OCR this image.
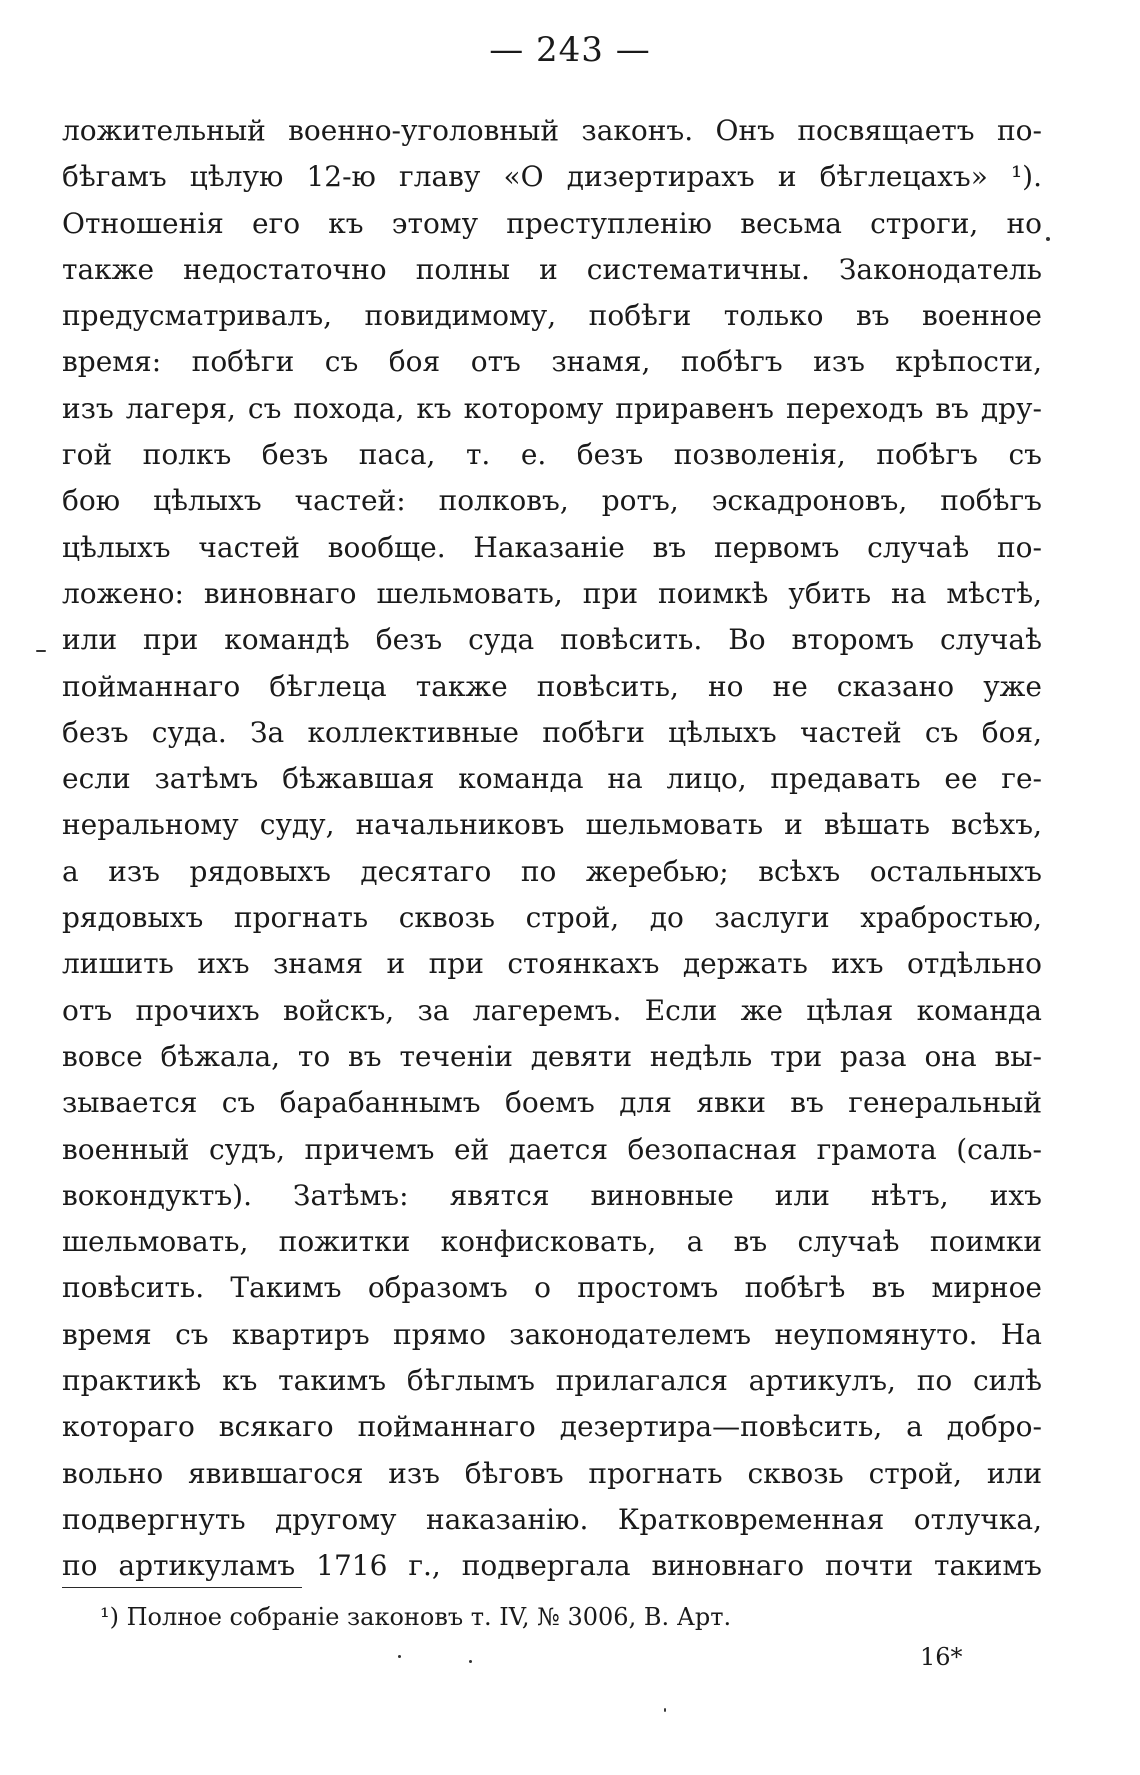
— 243 —
ложительный военно-уголовный законъ. Онъ посвящаетъ по-
бѣгамъ цѣлую 12-ю главу «О дизертирахъ и бѣглецахъ» ¹).
Отношенія его къ этому преступленію весьма строги, но
также недостаточно полны и систематичны. Законодатель
предусматривалъ, повидимому, побѣги только въ военное
время: побѣги съ боя отъ знамя, побѣгъ изъ крѣпости,
изъ лагеря, съ похода, къ которому приравенъ переходъ въ дру-
гой полкъ безъ паса, т. е. безъ позволенія, побѣгъ съ
бою цѣлыхъ частей: полковъ, ротъ, эскадроновъ, побѣгъ
цѣлыхъ частей вообще. Наказаніе въ первомъ случаѣ по-
ложено: виновнаго шельмовать, при поимкѣ убить на мѣстѣ,
или при командѣ безъ суда повѣсить. Во второмъ случаѣ
пойманнаго бѣглеца также повѣсить, но не сказано уже
безъ суда. За коллективные побѣги цѣлыхъ частей съ боя,
если затѣмъ бѣжавшая команда на лицо, предавать ее ге-
неральному суду, начальниковъ шельмовать и вѣшать всѣхъ,
а изъ рядовыхъ десятаго по жеребью; всѣхъ остальныхъ
рядовыхъ прогнать сквозь строй, до заслуги храбростью,
лишить ихъ знамя и при стоянкахъ держать ихъ отдѣльно
отъ прочихъ войскъ, за лагеремъ. Если же цѣлая команда
вовсе бѣжала, то въ теченіи девяти недѣль три раза она вы-
зывается съ барабаннымъ боемъ для явки въ генеральный
военный судъ, причемъ ей дается безопасная грамота (саль-
вокондуктъ). Затѣмъ: явятся виновные или нѣтъ, ихъ
шельмовать, пожитки конфисковать, а въ случаѣ поимки
повѣсить. Такимъ образомъ о простомъ побѣгѣ въ мирное
время съ квартиръ прямо законодателемъ неупомянуто. На
практикѣ къ такимъ бѣглымъ прилагался артикулъ, по силѣ
котораго всякаго пойманнаго дезертира—повѣсить, а добро-
вольно явившагося изъ бѣговъ прогнать сквозь строй, или
подвергнуть другому наказанію. Кратковременная отлучка,
по артикуламъ 1716 г., подвергала виновнаго почти такимъ
¹) Полное собраніе законовъ т. IV, № 3006, В. Арт.
16*
